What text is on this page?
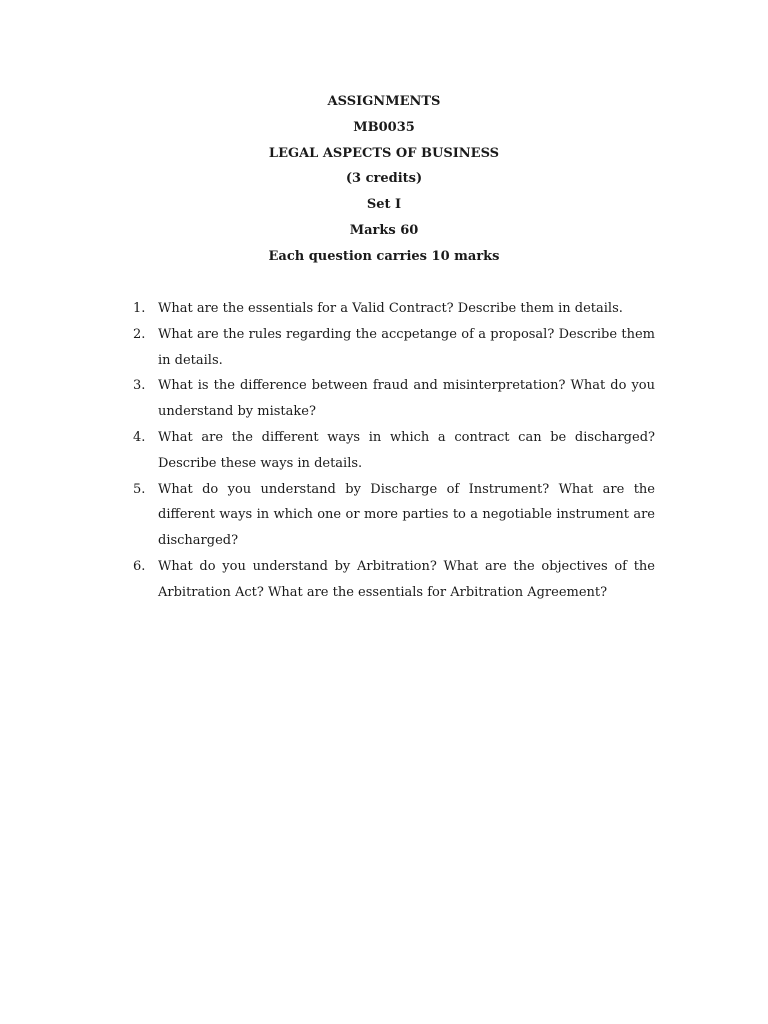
ASSIGNMENTS
MB0035
LEGAL ASPECTS OF BUSINESS
(3 credits)
Set I
Marks 60
Each question carries 10 marks
1. What are the essentials for a Valid Contract? Describe them in details.
2. What are the rules regarding the accpetange of a proposal? Describe them in details.
3. What is the difference between fraud and misinterpretation? What do you understand by mistake?
4. What are the different ways in which a contract can be discharged? Describe these ways in details.
5. What do you understand by Discharge of Instrument? What are the different ways in which one or more parties to a negotiable instrument are discharged?
6. What do you understand by Arbitration? What are the objectives of the Arbitration Act? What are the essentials for Arbitration Agreement?
